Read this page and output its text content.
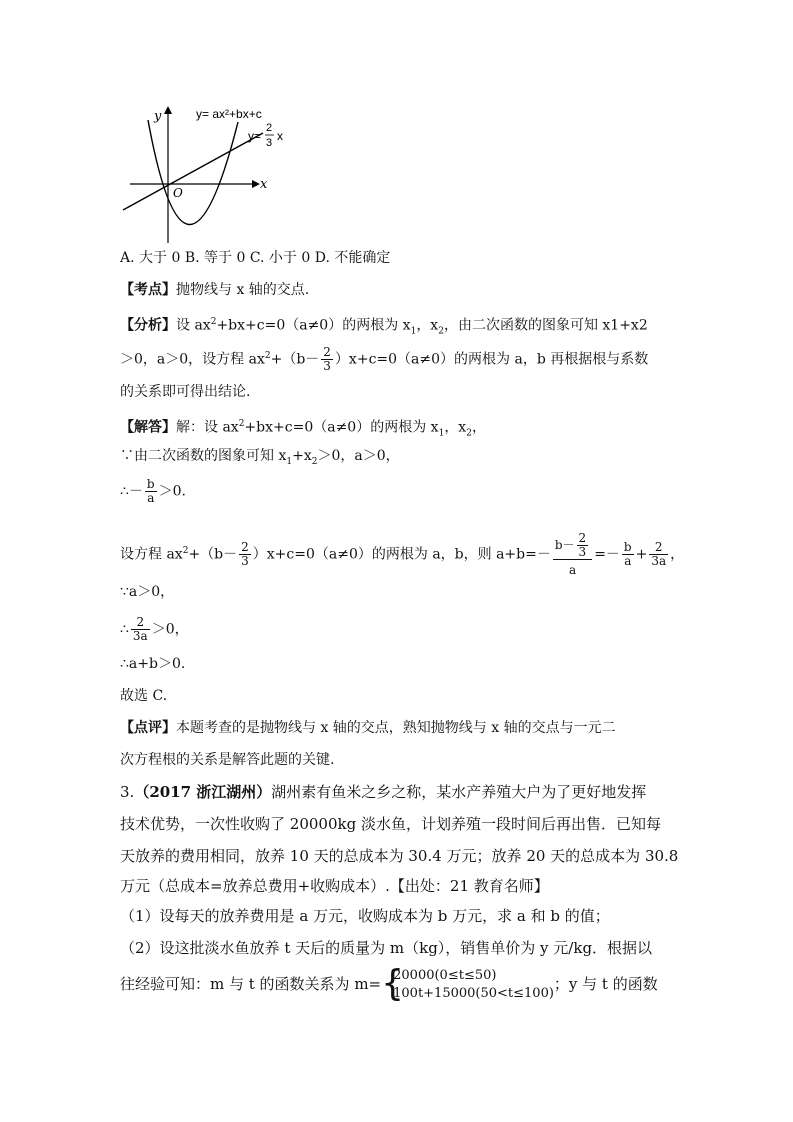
y
x
O
y= ax²+bx+c
y=
2
3 x
A. 大于 0 B. 等于 0 C. 小于 0 D. 不能确定
【考点】抛物线与 x 轴的交点.
【分析】设 $ax^2+bx+c=0(a\ne 0)$的两根为 $x_1$，$x_2$，由二次函数的图象可知 x1+x2
＞0，a＞0，设方程 $ax^2+(b- \frac{2}{3} )x+c=0(a\ne 0)$的两根为 a，b 再根据根与系数
的关系即可得出结论.
【解答】解：设 $ax^2+bx+c=0(a\ne 0)$的两根为 $x_1$，$x_2$，
∵由二次函数的图象可知 $x_1+x_2>0$，a＞0，
∴－ $\frac{b}{a} >0$.
设方程 $ax^2+(b- \frac{2}{3} )x+c=0(a\ne 0)$的两根为 a，b，则 $a+b=- \frac{b- \frac{2}{3}}{a} =- \frac{b}{a} + \frac{2}{3a}$ ，
∵a＞0，
∴ $\frac{2}{3a} >0$，
∴a+b＞0.
故选 C.
【点评】本题考查的是抛物线与 x 轴的交点，熟知抛物线与 x 轴的交点与一元二
次方程根的关系是解答此题的关键.
3.（2017 浙江湖州）湖州素有鱼米之乡之称，某水产养殖大户为了更好地发挥
技术优势，一次性收购了 20000kg 淡水鱼，计划养殖一段时间后再出售．已知每
天放养的费用相同，放养 10 天的总成本为 30.4 万元；放养 20 天的总成本为 30.8
万元（总成本=放养总费用+收购成本）.【出处：21 教育名师】
（1）设每天的放养费用是 a 万元，收购成本为 b 万元，求 a 和 b 的值；
（2）设这批淡水鱼放养 t 天后的质量为 m（kg），销售单价为 y 元/kg．根据以
往经验可知：m 与 t 的函数关系为 m= {
20000(0≤t≤50)
100t+15000(50<t≤100)
；y 与 t 的函数
